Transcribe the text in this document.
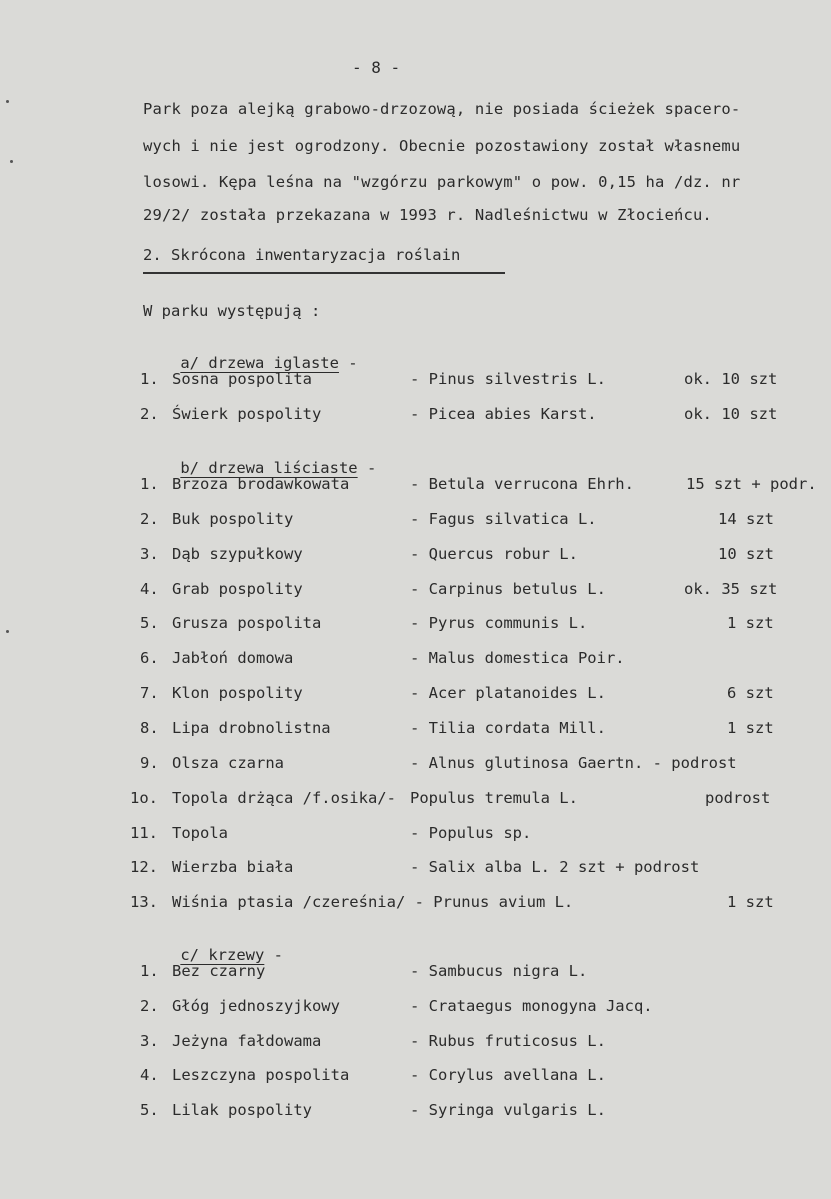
- 8 -
Park poza alejką grabowo-drzozową, nie posiada ścieżek spacero-
wych i nie jest ogrodzony. Obecnie pozostawiony został własnemu
losowi. Kępa leśna na "wzgórzu parkowym" o pow. 0,15 ha /dz. nr
29/2/ została przekazana w 1993 r. Nadleśnictwu w Złocieńcu.
2. Skrócona inwentaryzacja roślain
W parku występują :

a/ drzewa iglaste -

1. Sosna pospolita	- Pinus silvestris L.	ok. 10 szt
2. Świerk pospolity	- Picea abies Karst.	ok. 10 szt

b/ drzewa liściaste -

1. Brzoza brodawkowata	- Betula verrucona Ehrh.	15 szt + podr.
2. Buk pospolity	- Fagus silvatica L.	14 szt
3. Dąb szypułkowy	- Quercus robur L.	10 szt
4. Grab pospolity	- Carpinus betulus L.	ok. 35 szt
5. Grusza pospolita	- Pyrus communis L.	1 szt
6. Jabłoń domowa	- Malus domestica Poir.
7. Klon pospolity	- Acer platanoides L.	6 szt
8. Lipa drobnolistna	- Tilia cordata Mill.	1 szt
9. Olsza czarna	- Alnus glutinosa Gaertn. - podrost
1o. Topola drżąca /f.osika/- Populus tremula L.	podrost
11. Topola	- Populus sp.
12. Wierzba biała	- Salix alba L. 2 szt + podrost
13. Wiśnia ptasia /czereśnia/ - Prunus avium L.	1 szt

c/ krzewy -

1. Bez czarny	- Sambucus nigra L.
2. Głóg jednoszyjkowy	- Crataegus monogyna Jacq.
3. Jeżyna fałdowama	- Rubus fruticosus L.
4. Leszczyna pospolita	- Corylus avellana L.
5. Lilak pospolity	- Syringa vulgaris L.
